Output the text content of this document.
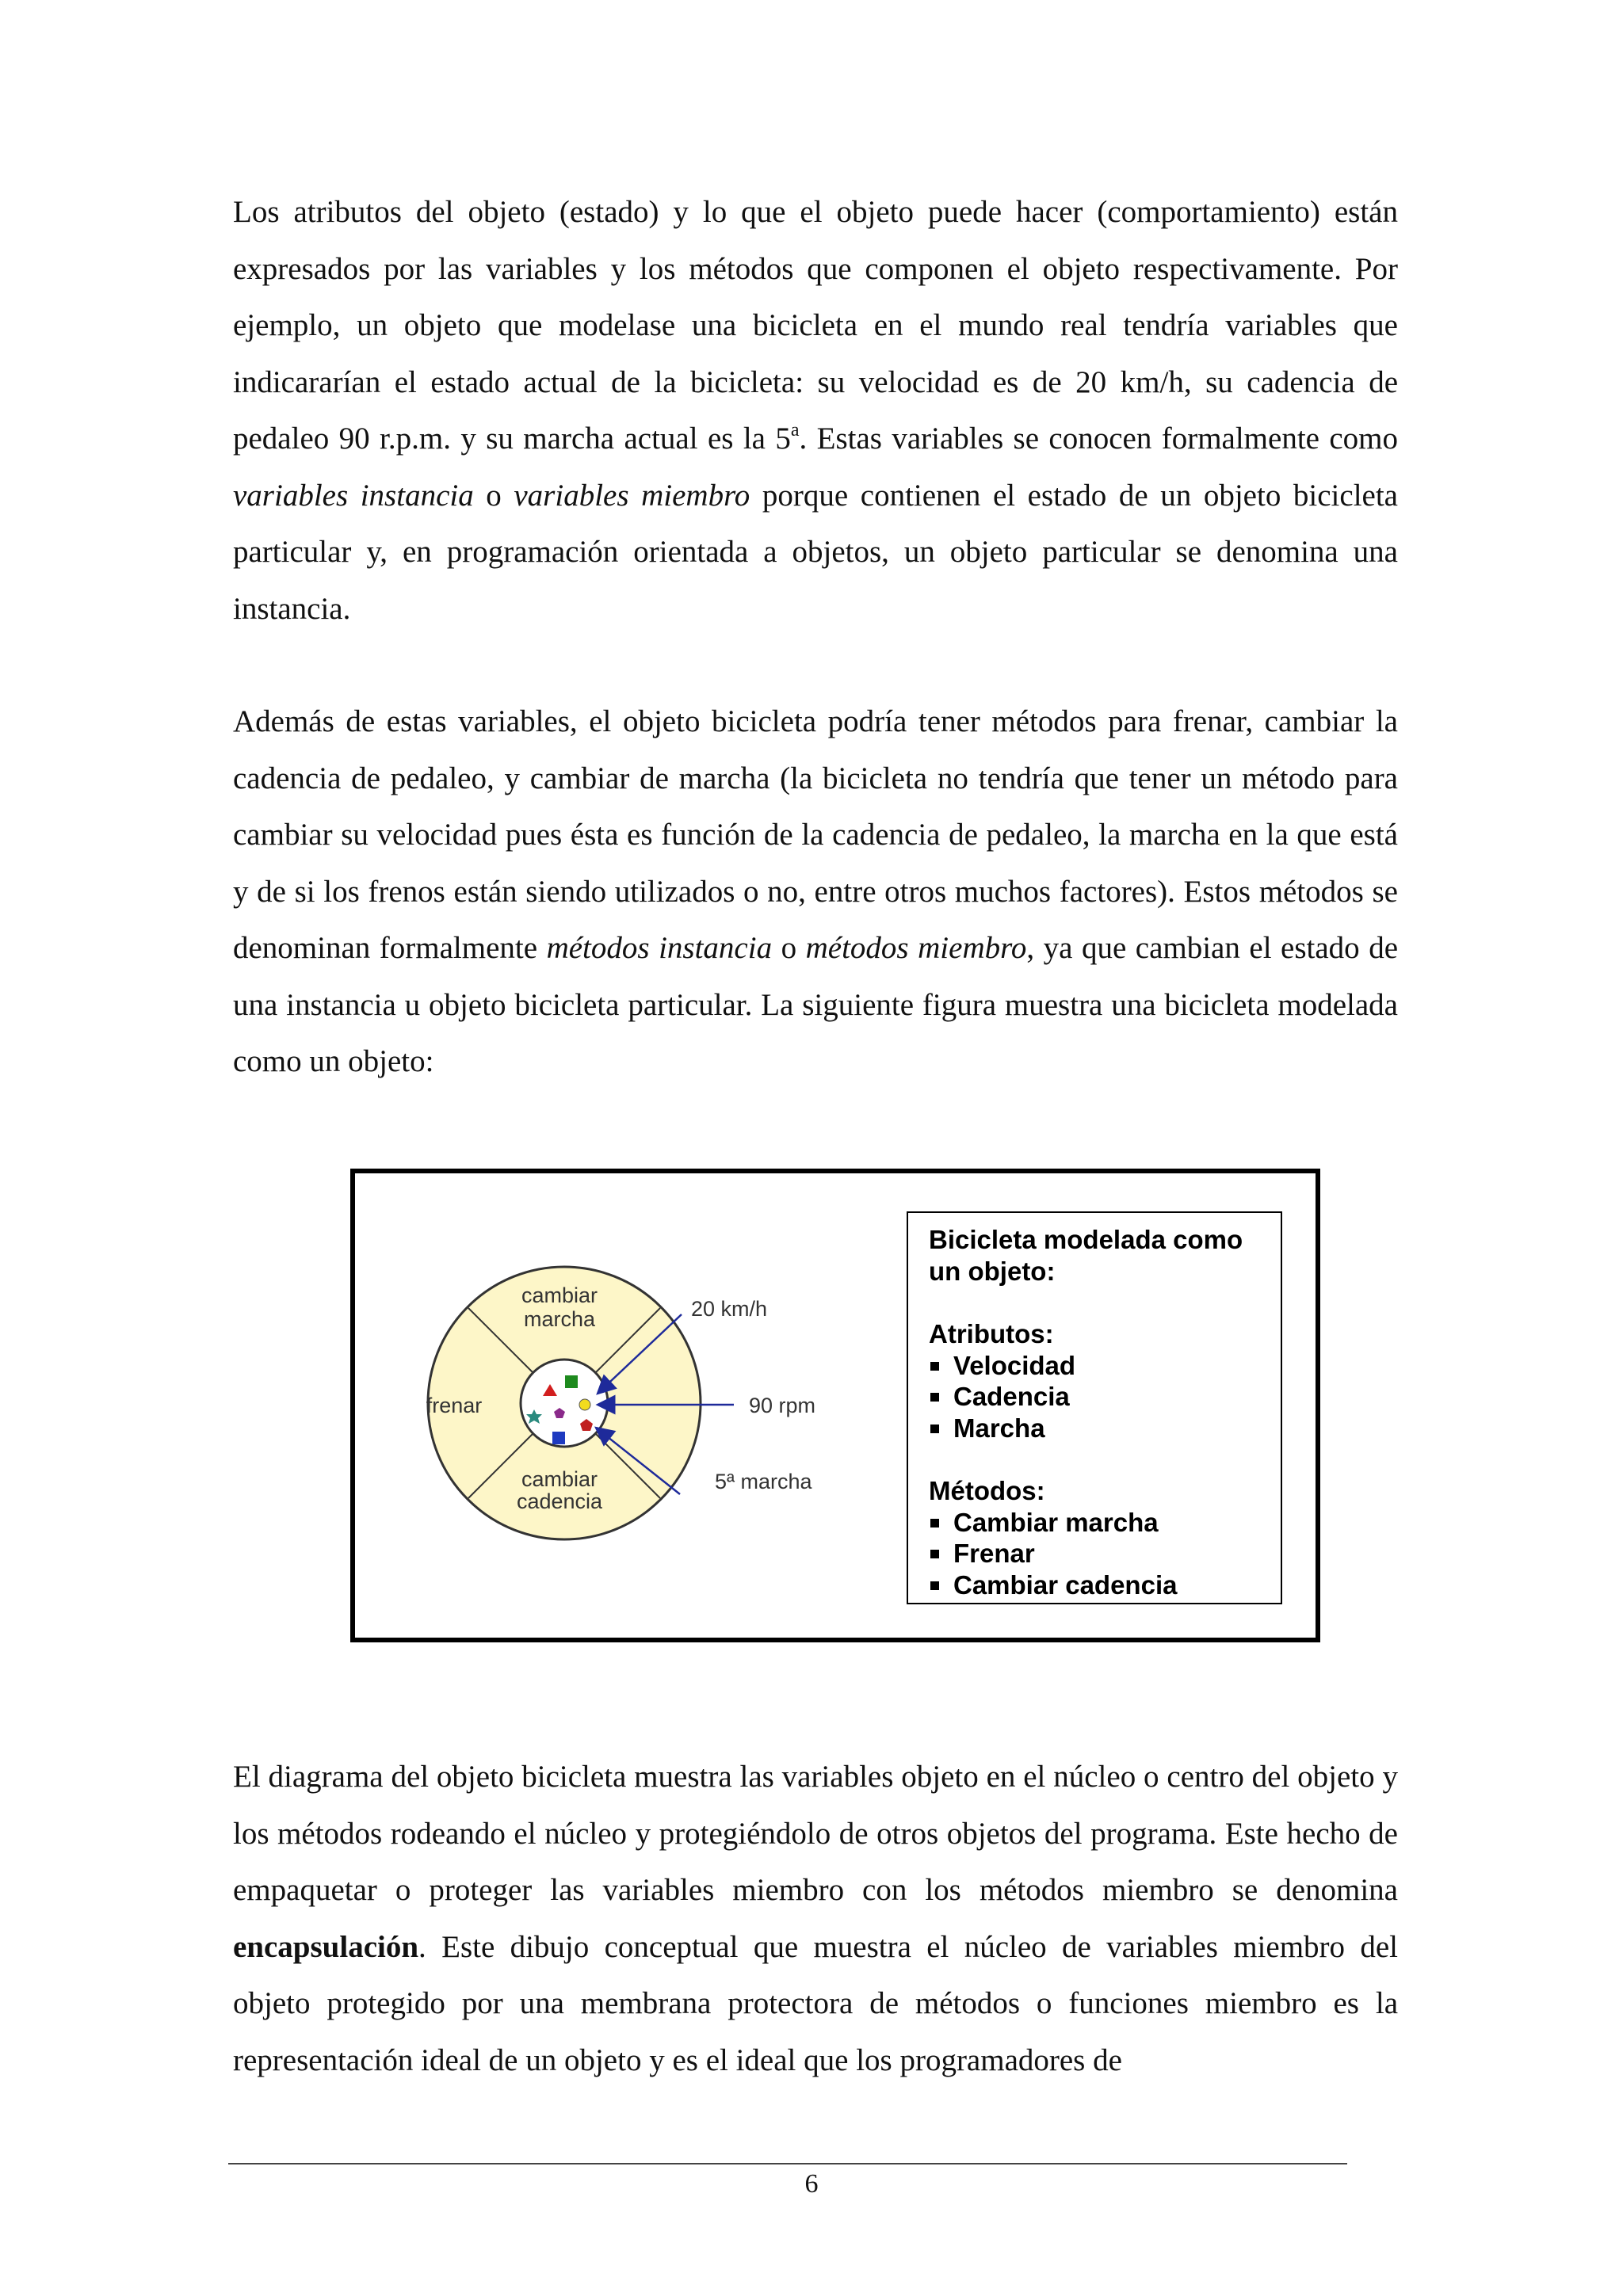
Los atributos del objeto (estado) y lo que el objeto puede hacer (comportamiento) están expresados por las variables y los métodos que componen el objeto respectivamente. Por ejemplo, un objeto que modelase una bicicleta en el mundo real tendría variables que indicararían el estado actual de la bicicleta: su velocidad es de 20 km/h, su cadencia de pedaleo 90 r.p.m. y su marcha actual es la 5$^a$. Estas variables se conocen formalmente como variables instancia o variables miembro porque contienen el estado de un objeto bicicleta particular y, en programación orientada a objetos, un objeto particular se denomina una instancia.

Además de estas variables, el objeto bicicleta podría tener métodos para frenar, cambiar la cadencia de pedaleo, y cambiar de marcha (la bicicleta no tendría que tener un método para cambiar su velocidad pues ésta es función de la cadencia de pedaleo, la marcha en la que está y de si los frenos están siendo utilizados o no, entre otros muchos factores). Estos métodos se denominan formalmente métodos instancia o métodos miembro, ya que cambian el estado de una instancia u objeto bicicleta particular. La siguiente figura muestra una bicicleta modelada como un objeto:

cambiar
marcha
frenar
cambiar
cadencia
20 km/h
90 rpm
5ª marcha
Bicicleta modelada como un objeto:
Atributos:
Velocidad
Cadencia
Marcha
Métodos:
Cambiar marcha
Frenar
Cambiar cadencia

El diagrama del objeto bicicleta muestra las variables objeto en el núcleo o centro del objeto y los métodos rodeando el núcleo y protegiéndolo de otros objetos del programa. Este hecho de empaquetar o proteger las variables miembro con los métodos miembro se denomina encapsulación. Este dibujo conceptual que muestra el núcleo de variables miembro del objeto protegido por una membrana protectora de métodos o funciones miembro es la representación ideal de un objeto y es el ideal que los programadores de

6
